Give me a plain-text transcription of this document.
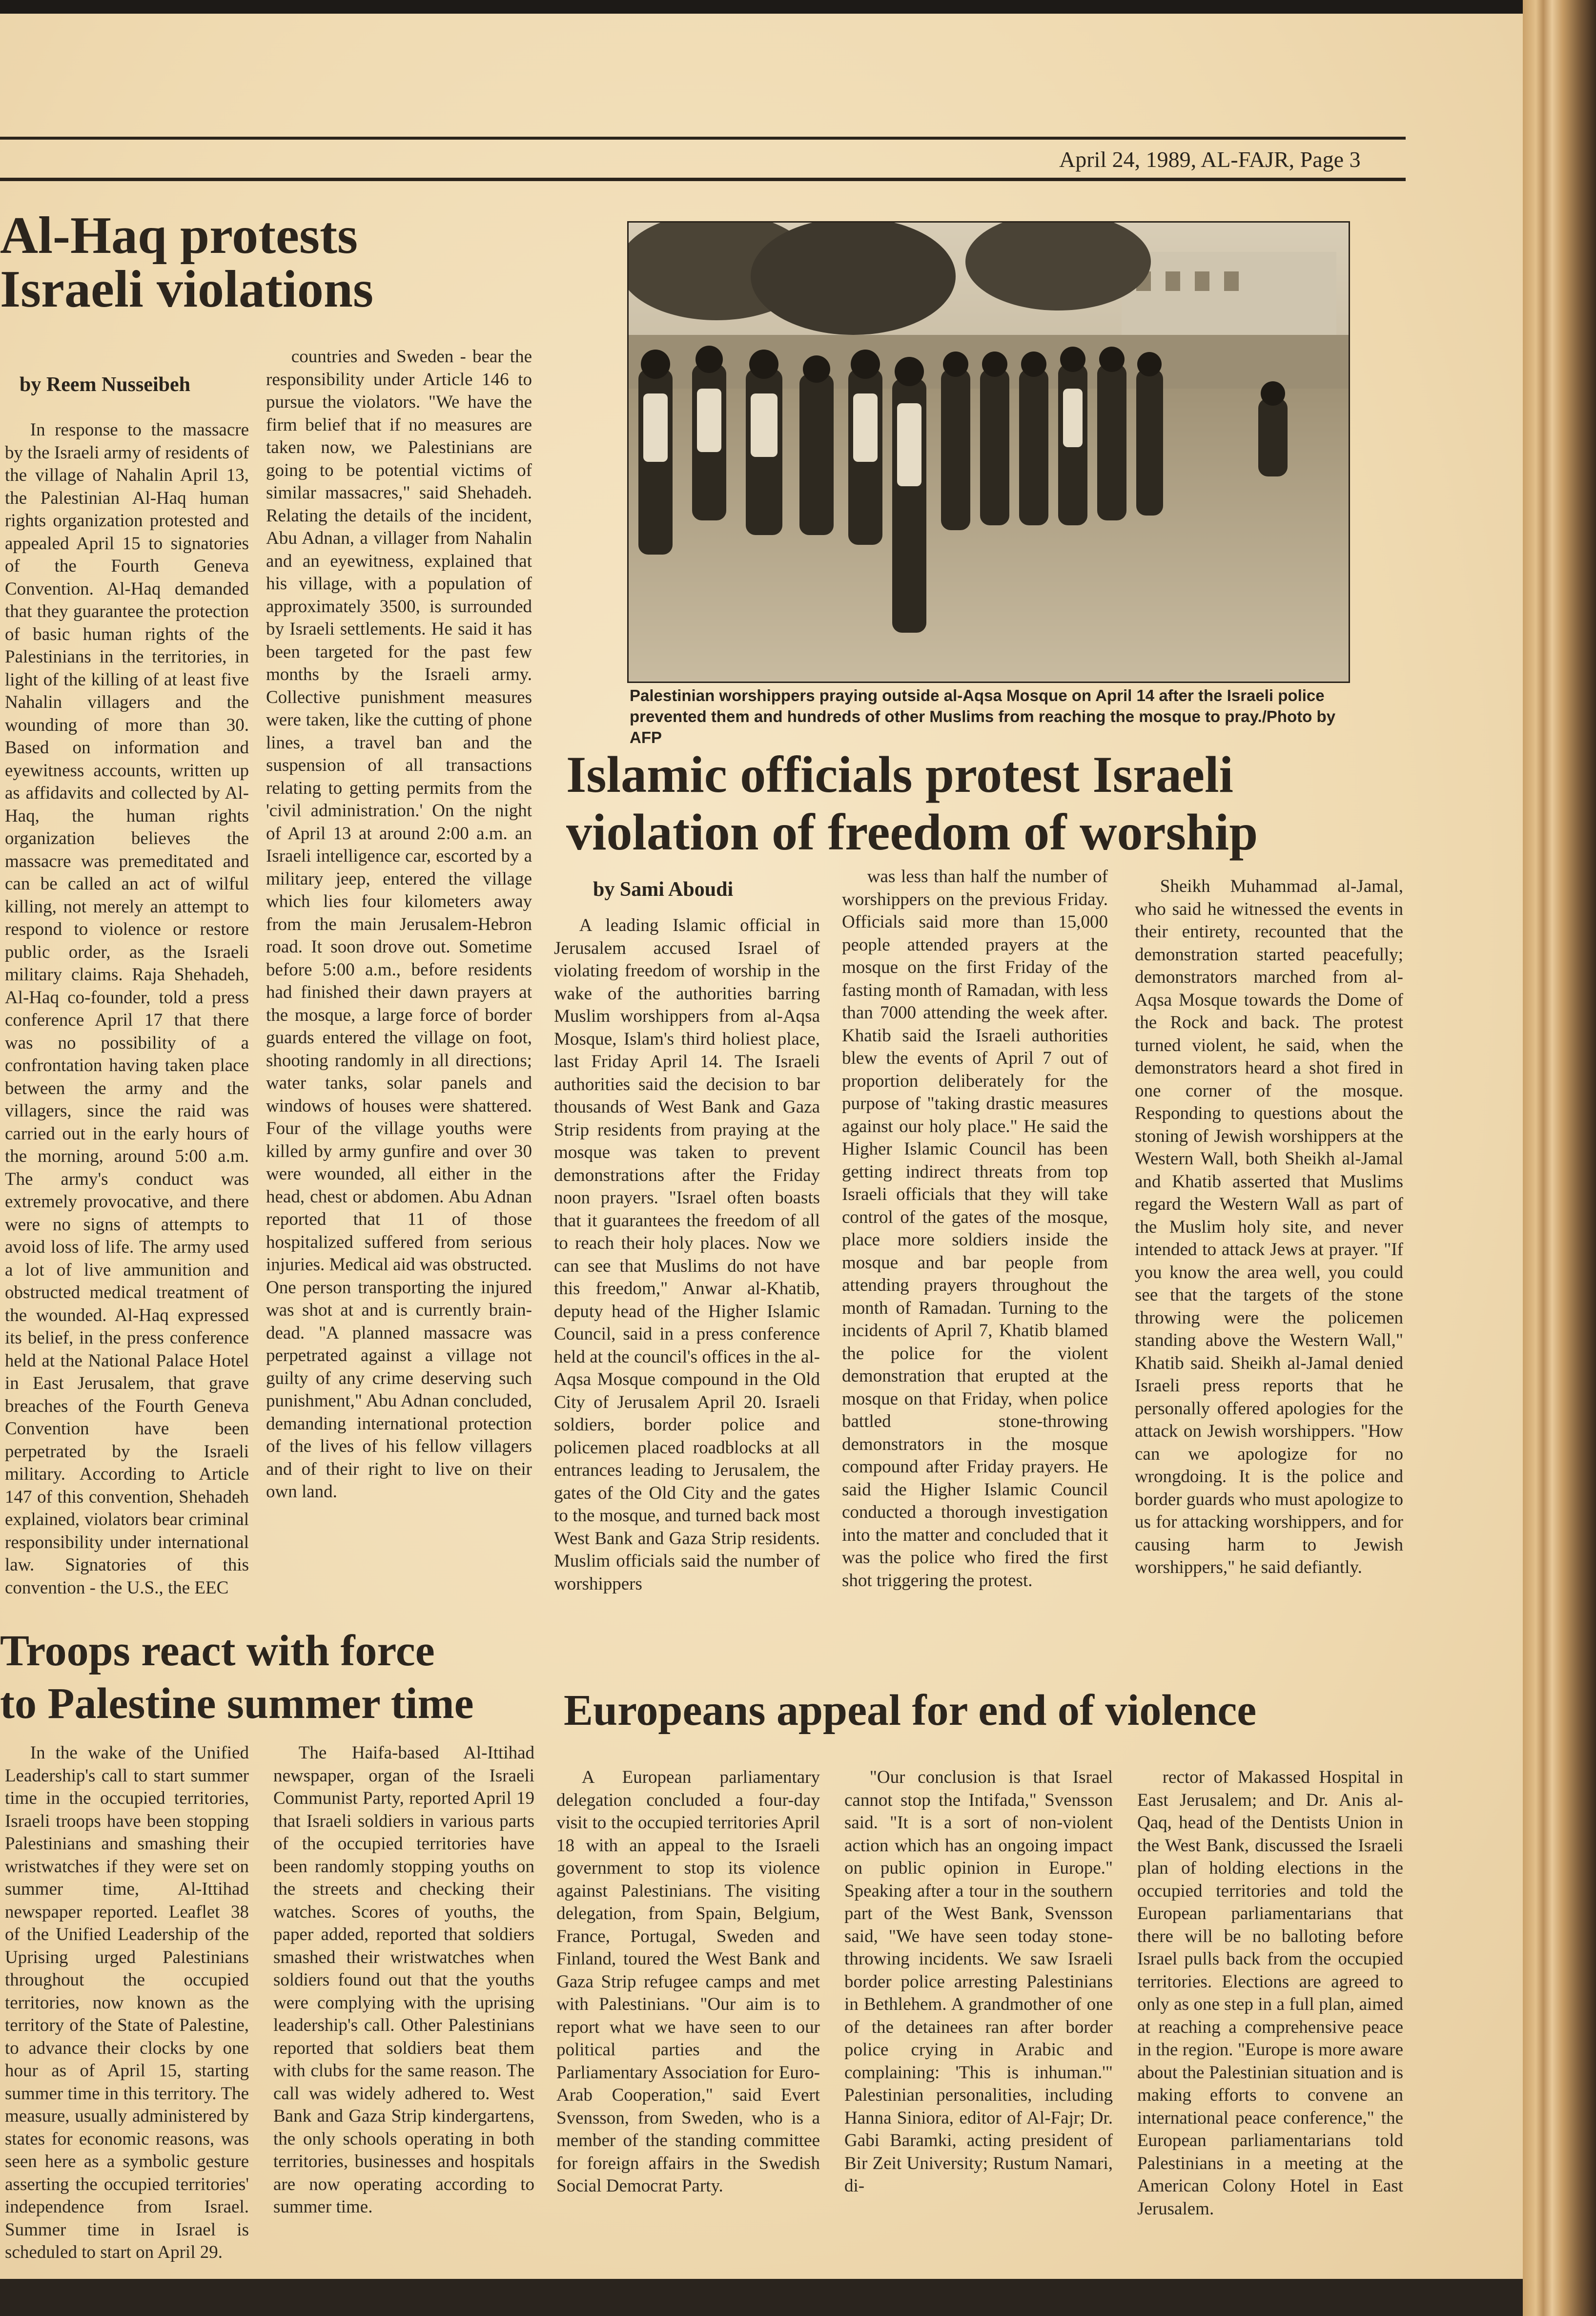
April 24, 1989, AL-FAJR, Page 3
Al-Haq protests
Israeli violations
by Reem Nusseibeh

In response to the massacre by the Israeli army of residents of the village of Nahalin April 13, the Palestinian Al-Haq human rights organization protested and appealed April 15 to signatories of the Fourth Geneva Convention. Al-Haq demanded that they guarantee the protection of basic human rights of the Palestinians in the territories, in light of the killing of at least five Nahalin villagers and the wounding of more than 30. Based on information and eyewitness accounts, written up as affidavits and collected by Al-Haq, the human rights organization believes the massacre was premeditated and can be called an act of wilful killing, not merely an attempt to respond to violence or restore public order, as the Israeli military claims. Raja Shehadeh, Al-Haq co-founder, told a press conference April 17 that there was no possibility of a confrontation having taken place between the army and the villagers, since the raid was carried out in the early hours of the morning, around 5:00 a.m. The army's conduct was extremely provocative, and there were no signs of attempts to avoid loss of life. The army used a lot of live ammunition and obstructed medical treatment of the wounded. Al-Haq expressed its belief, in the press conference held at the National Palace Hotel in East Jerusalem, that grave breaches of the Fourth Geneva Convention have been perpetrated by the Israeli military. According to Article 147 of this convention, Shehadeh explained, violators bear criminal responsibility under international law. Signatories of this convention - the U.S., the EEC

countries and Sweden - bear the responsibility under Article 146 to pursue the violators. "We have the firm belief that if no measures are taken now, we Palestinians are going to be potential victims of similar massacres," said Shehadeh. Relating the details of the incident, Abu Adnan, a villager from Nahalin and an eyewitness, explained that his village, with a population of approximately 3500, is surrounded by Israeli settlements. He said it has been targeted for the past few months by the Israeli army. Collective punishment measures were taken, like the cutting of phone lines, a travel ban and the suspension of all transactions relating to getting permits from the 'civil administration.' On the night of April 13 at around 2:00 a.m. an Israeli intelligence car, escorted by a military jeep, entered the village which lies four kilometers away from the main Jerusalem-Hebron road. It soon drove out. Sometime before 5:00 a.m., before residents had finished their dawn prayers at the mosque, a large force of border guards entered the village on foot, shooting randomly in all directions; water tanks, solar panels and windows of houses were shattered. Four of the village youths were killed by army gunfire and over 30 were wounded, all either in the head, chest or abdomen. Abu Adnan reported that 11 of those hospitalized suffered from serious injuries. Medical aid was obstructed. One person transporting the injured was shot at and is currently brain-dead. "A planned massacre was perpetrated against a village not guilty of any crime deserving such punishment," Abu Adnan concluded, demanding international protection of the lives of his fellow villagers and of their right to live on their own land.

Palestinian worshippers praying outside al-Aqsa Mosque on April 14 after the Israeli police prevented them and hundreds of other Muslims from reaching the mosque to pray./Photo by AFP
Islamic officials protest Israeli
violation of freedom of worship
by Sami Aboudi

A leading Islamic official in Jerusalem accused Israel of violating freedom of worship in the wake of the authorities barring Muslim worshippers from al-Aqsa Mosque, Islam's third holiest place, last Friday April 14. The Israeli authorities said the decision to bar thousands of West Bank and Gaza Strip residents from praying at the mosque was taken to prevent demonstrations after the Friday noon prayers. "Israel often boasts that it guarantees the freedom of all to reach their holy places. Now we can see that Muslims do not have this freedom," Anwar al-Khatib, deputy head of the Higher Islamic Council, said in a press conference held at the council's offices in the al-Aqsa Mosque compound in the Old City of Jerusalem April 20. Israeli soldiers, border police and policemen placed roadblocks at all entrances leading to Jerusalem, the gates of the Old City and the gates to the mosque, and turned back most West Bank and Gaza Strip residents. Muslim officials said the number of worshippers

was less than half the number of worshippers on the previous Friday. Officials said more than 15,000 people attended prayers at the mosque on the first Friday of the fasting month of Ramadan, with less than 7000 attending the week after. Khatib said the Israeli authorities blew the events of April 7 out of proportion deliberately for the purpose of "taking drastic measures against our holy place." He said the Higher Islamic Council has been getting indirect threats from top Israeli officials that they will take control of the gates of the mosque, place more soldiers inside the mosque and bar people from attending prayers throughout the month of Ramadan. Turning to the incidents of April 7, Khatib blamed the police for the violent demonstration that erupted at the mosque on that Friday, when police battled stone-throwing demonstrators in the mosque compound after Friday prayers. He said the Higher Islamic Council conducted a thorough investigation into the matter and concluded that it was the police who fired the first shot triggering the protest.

Sheikh Muhammad al-Jamal, who said he witnessed the events in their entirety, recounted that the demonstration started peacefully; demonstrators marched from al-Aqsa Mosque towards the Dome of the Rock and back. The protest turned violent, he said, when the demonstrators heard a shot fired in one corner of the mosque. Responding to questions about the stoning of Jewish worshippers at the Western Wall, both Sheikh al-Jamal and Khatib asserted that Muslims regard the Western Wall as part of the Muslim holy site, and never intended to attack Jews at prayer. "If you know the area well, you could see that the targets of the stone throwing were the policemen standing above the Western Wall," Khatib said. Sheikh al-Jamal denied Israeli press reports that he personally offered apologies for the attack on Jewish worshippers. "How can we apologize for no wrongdoing. It is the police and border guards who must apologize to us for attacking worshippers, and for causing harm to Jewish worshippers," he said defiantly.

Troops react with force
to Palestine summer time

In the wake of the Unified Leadership's call to start summer time in the occupied territories, Israeli troops have been stopping Palestinians and smashing their wristwatches if they were set on summer time, Al-Ittihad newspaper reported. Leaflet 38 of the Unified Leadership of the Uprising urged Palestinians throughout the occupied territories, now known as the territory of the State of Palestine, to advance their clocks by one hour as of April 15, starting summer time in this territory. The measure, usually administered by states for economic reasons, was seen here as a symbolic gesture asserting the occupied territories' independence from Israel. Summer time in Israel is scheduled to start on April 29.

The Haifa-based Al-Ittihad newspaper, organ of the Israeli Communist Party, reported April 19 that Israeli soldiers in various parts of the occupied territories have been randomly stopping youths on the streets and checking their watches. Scores of youths, the paper added, reported that soldiers smashed their wristwatches when soldiers found out that the youths were complying with the uprising leadership's call. Other Palestinians reported that soldiers beat them with clubs for the same reason. The call was widely adhered to. West Bank and Gaza Strip kindergartens, the only schools operating in both territories, businesses and hospitals are now operating according to summer time.

Europeans appeal for end of violence

A European parliamentary delegation concluded a four-day visit to the occupied territories April 18 with an appeal to the Israeli government to stop its violence against Palestinians. The visiting delegation, from Spain, Belgium, France, Portugal, Sweden and Finland, toured the West Bank and Gaza Strip refugee camps and met with Palestinians. "Our aim is to report what we have seen to our political parties and the Parliamentary Association for Euro-Arab Cooperation," said Evert Svensson, from Sweden, who is a member of the standing committee for foreign affairs in the Swedish Social Democrat Party.

"Our conclusion is that Israel cannot stop the Intifada," Svensson said. "It is a sort of non-violent action which has an ongoing impact on public opinion in Europe." Speaking after a tour in the southern part of the West Bank, Svensson said, "We have seen today stone-throwing incidents. We saw Israeli border police arresting Palestinians in Bethlehem. A grandmother of one of the detainees ran after border police crying in Arabic and complaining: 'This is inhuman.'" Palestinian personalities, including Hanna Siniora, editor of Al-Fajr; Dr. Gabi Baramki, acting president of Bir Zeit University; Rustum Namari, di-

rector of Makassed Hospital in East Jerusalem; and Dr. Anis al-Qaq, head of the Dentists Union in the West Bank, discussed the Israeli plan of holding elections in the occupied territories and told the European parliamentarians that there will be no balloting before Israel pulls back from the occupied territories. Elections are agreed to only as one step in a full plan, aimed at reaching a comprehensive peace in the region. "Europe is more aware about the Palestinian situation and is making efforts to convene an international peace conference," the European parliamentarians told Palestinians in a meeting at the American Colony Hotel in East Jerusalem.
